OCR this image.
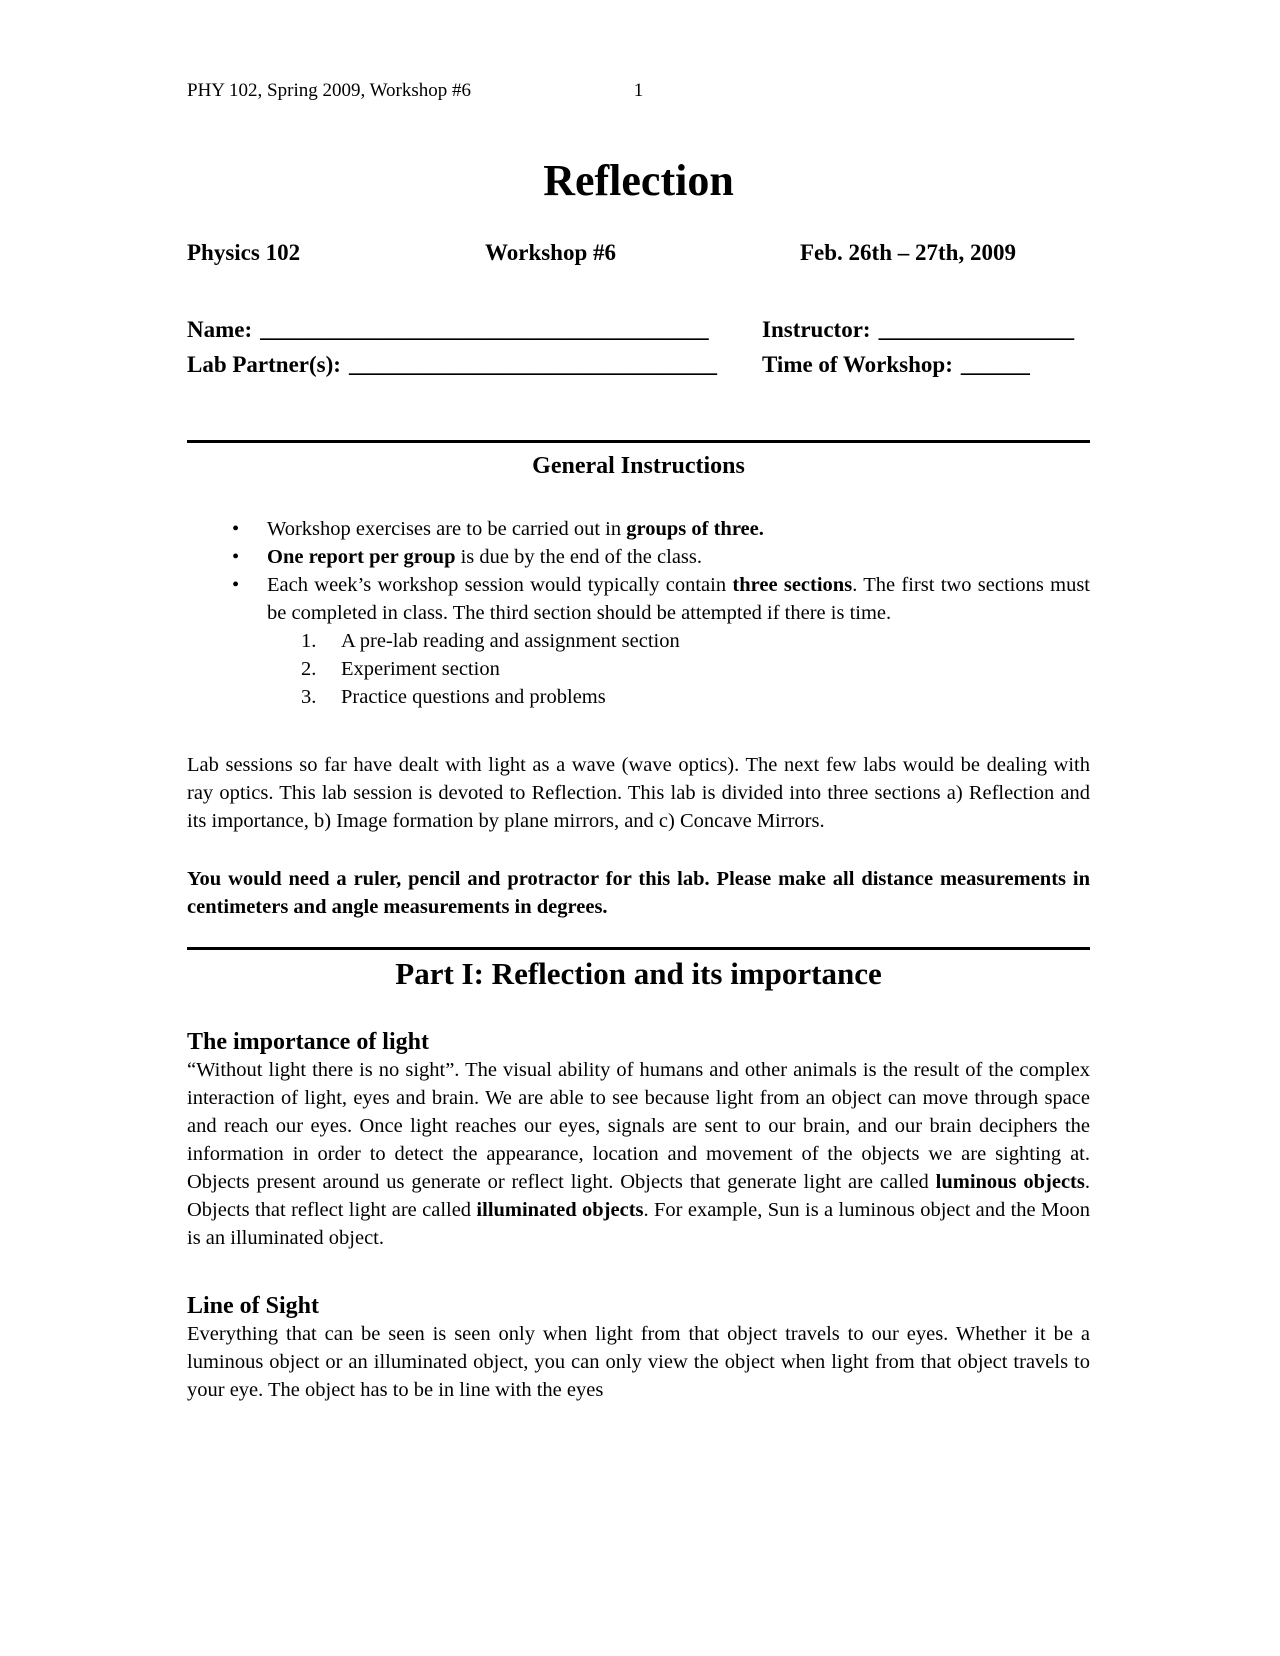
PHY 102, Spring 2009, Workshop #6	1
Reflection
Physics 102	Workshop #6	Feb. 26th – 27th, 2009
Name: _______________________________________	Instructor: _________________
Lab Partner(s): ________________________________	Time of Workshop: ______
General Instructions
•	Workshop exercises are to be carried out in groups of three.
•	One report per group is due by the end of the class.
•	Each week’s workshop session would typically contain three sections. The first two sections must be completed in class. The third section should be attempted if there is time.
1.	A pre-lab reading and assignment section
2.	Experiment section
3.	Practice questions and problems

Lab sessions so far have dealt with light as a wave (wave optics). The next few labs would be dealing with ray optics. This lab session is devoted to Reflection. This lab is divided into three sections a) Reflection and its importance, b) Image formation by plane mirrors, and c) Concave Mirrors.

You would need a ruler, pencil and protractor for this lab. Please make all distance measurements in centimeters and angle measurements in degrees.

Part I: Reflection and its importance
The importance of light

“Without light there is no sight”. The visual ability of humans and other animals is the result of the complex interaction of light, eyes and brain. We are able to see because light from an object can move through space and reach our eyes. Once light reaches our eyes, signals are sent to our brain, and our brain deciphers the information in order to detect the appearance, location and movement of the objects we are sighting at. Objects present around us generate or reflect light. Objects that generate light are called luminous objects. Objects that reflect light are called illuminated objects. For example, Sun is a luminous object and the Moon is an illuminated object.

Line of Sight

Everything that can be seen is seen only when light from that object travels to our eyes. Whether it be a luminous object or an illuminated object, you can only view the object when light from that object travels to your eye. The object has to be in line with the eyes
